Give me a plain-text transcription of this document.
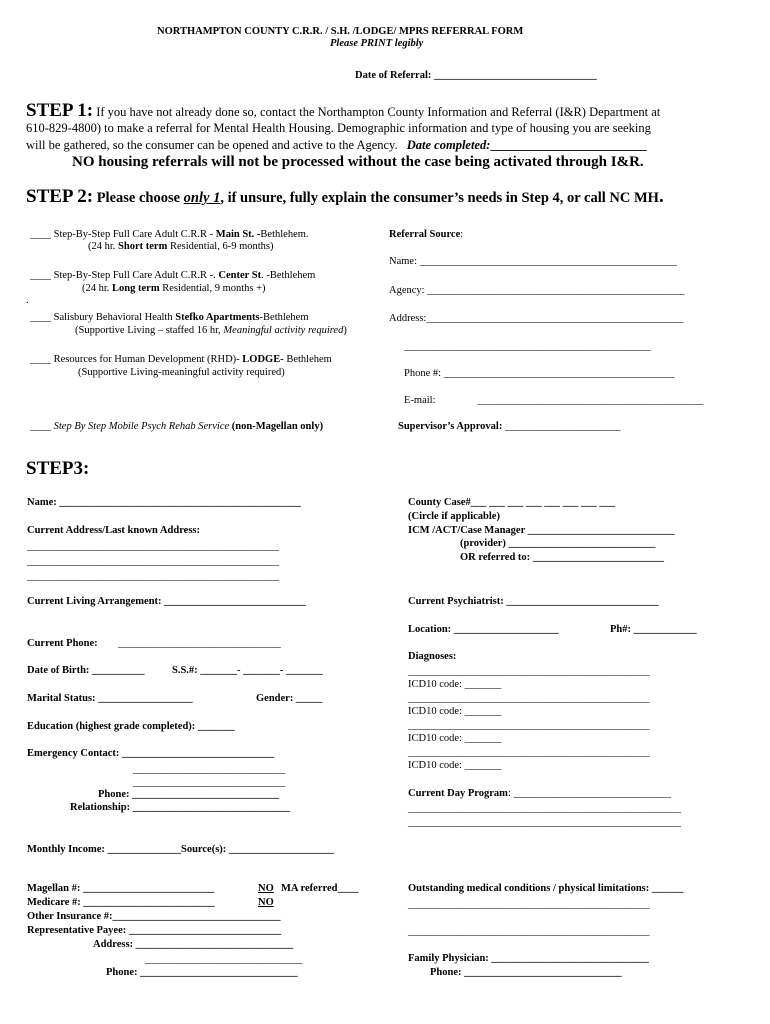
NORTHAMPTON COUNTY C.R.R. / S.H. /LODGE/ MPRS REFERRAL FORM
Please PRINT legibly
Date of Referral: _______________________________
STEP 1: If you have not already done so, contact the Northampton County Information and Referral (I&R) Department at
610-829-4800) to make a referral for Mental Health Housing. Demographic information and type of housing you are seeking
will be gathered, so the consumer can be opened and active to the Agency. Date completed:_________________________
NO housing referrals will not be processed without the case being activated through I&R.
STEP 2: Please choose only 1, if unsure, fully explain the consumer’s needs in Step 4, or call NC MH.
____ Step-By-Step Full Care Adult C.R.R - Main St. -Bethlehem.
(24 hr. Short term Residential, 6-9 months)
____ Step-By-Step Full Care Adult C.R.R -. Center St. -Bethlehem
(24 hr. Long term Residential, 9 months +)
.
____ Salisbury Behavioral Health Stefko Apartments-Bethlehem
(Supportive Living – staffed 16 hr, Meaningful activity required)
____ Resources for Human Development (RHD)- LODGE- Bethlehem
(Supportive Living-meaningful activity required)
____ Step By Step Mobile Psych Rehab Service (non-Magellan only)
Referral Source:
Name: _________________________________________________
Agency: _________________________________________________
Address:_________________________________________________
_______________________________________________
Phone #: ____________________________________________
E-mail:	___________________________________________
Supervisor’s Approval: ______________________
STEP3:
Name: ______________________________________________
Current Address/Last known Address:
________________________________________________
________________________________________________
________________________________________________
Current Living Arrangement: ___________________________
Current Phone: _______________________________
Date of Birth: __________	S.S.#: _______- _______- _______
Marital Status: __________________	Gender: _____
Education (highest grade completed): _______
Emergency Contact: _____________________________
_____________________________
_____________________________
Phone: ____________________________
Relationship: ______________________________
Monthly Income: ______________Source(s): ____________________
Magellan #: _________________________	NO MA referred____
Medicare #: _________________________	NO
Other Insurance #:________________________________
Representative Payee: _____________________________
Address: ______________________________
______________________________
Phone: ______________________________
County Case#___ ___ ___ ___ ___ ___ ___ ___
(Circle if applicable)
ICM /ACT/Case Manager ____________________________
(provider) ____________________________
OR referred to: _________________________
Current Psychiatrist: _____________________________
Location: ____________________	Ph#: ____________
Diagnoses:
______________________________________________
ICD10 code: _______
______________________________________________
ICD10 code: _______
______________________________________________
ICD10 code: _______
______________________________________________
ICD10 code: _______
Current Day Program: ______________________________
____________________________________________________
____________________________________________________
Outstanding medical conditions / physical limitations: ______
______________________________________________
______________________________________________
Family Physician: ______________________________
Phone: ______________________________
